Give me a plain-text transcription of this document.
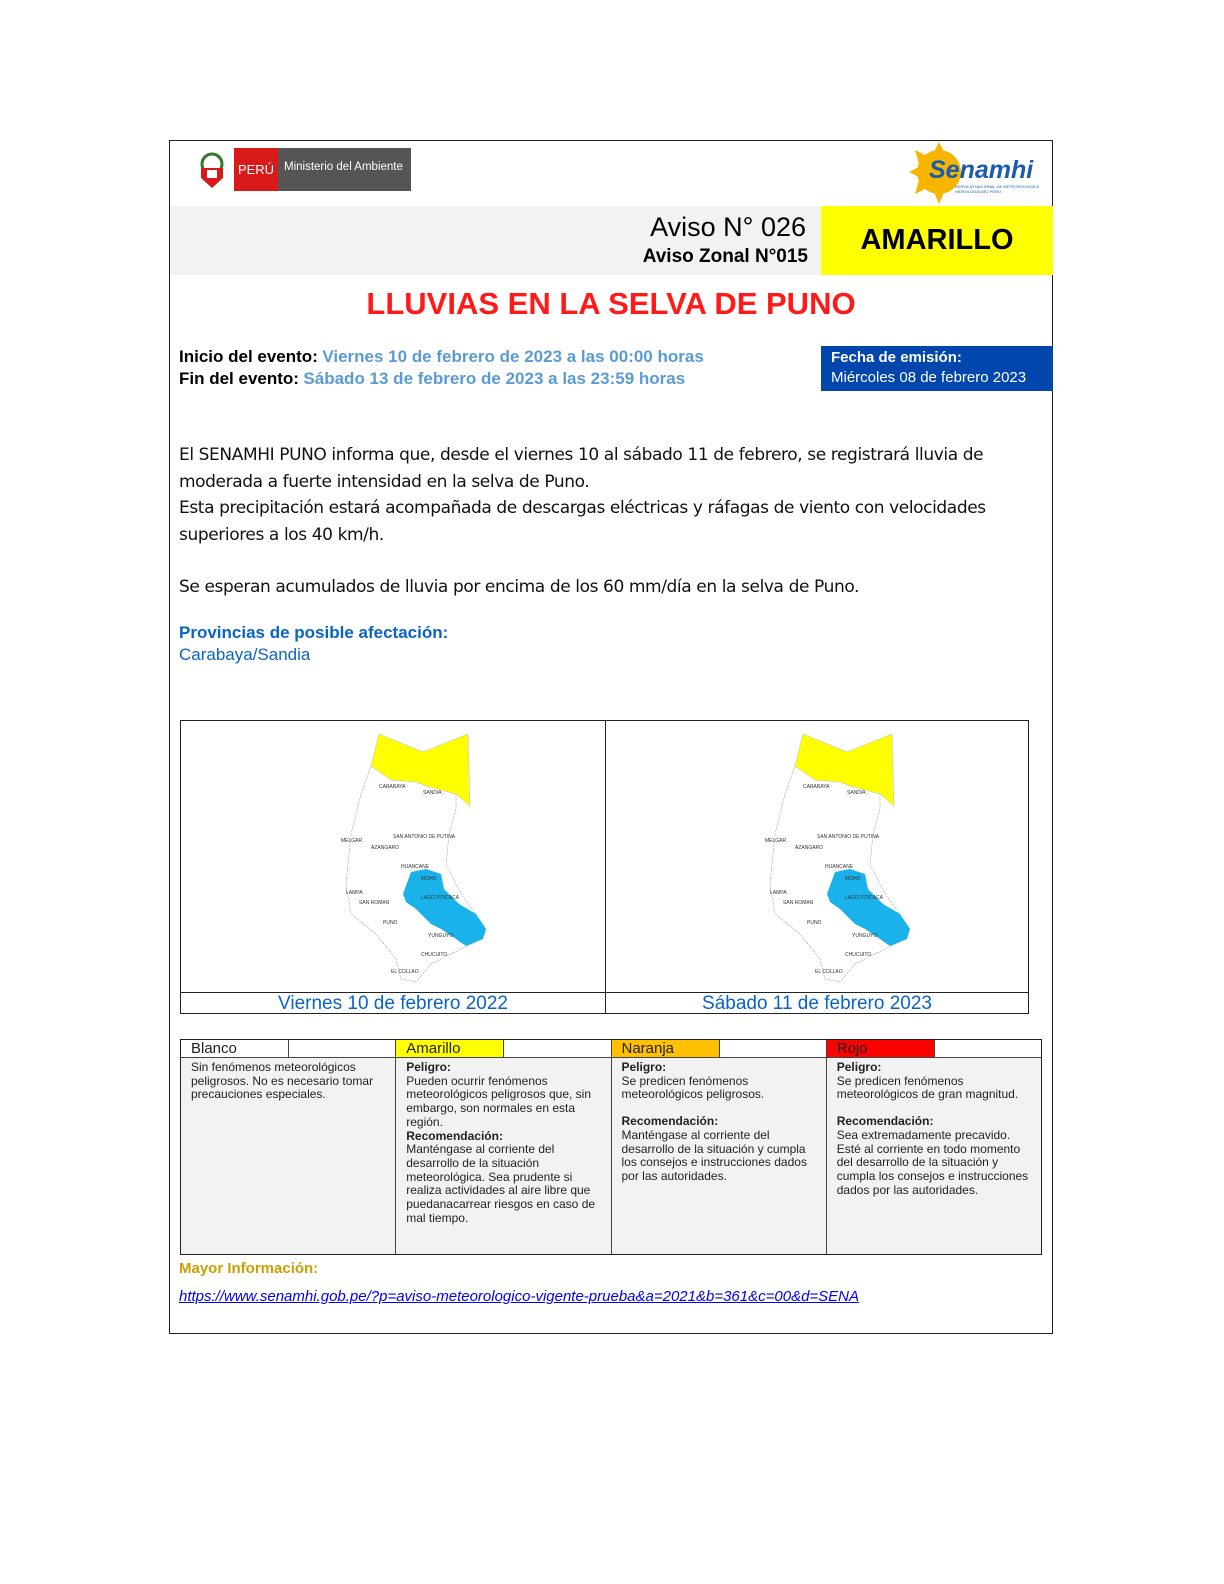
PERÚ Ministerio del Ambiente	Senamhi
SERVICIO NACIONAL DE METEOROLOGÍA E HIDROLOGÍA DEL PERÚ
Aviso N° 026
Aviso Zonal N°015
AMARILLO
LLUVIAS EN LA SELVA DE PUNO
Inicio del evento: Viernes 10 de febrero de 2023 a las 00:00 horas
Fin del evento: Sábado 13 de febrero de 2023 a las 23:59 horas
Fecha de emisión:
Miércoles 08 de febrero 2023
El SENAMHI PUNO informa que, desde el viernes 10 al sábado 11 de febrero, se registrará lluvia de moderada a fuerte intensidad en la selva de Puno.
Esta precipitación estará acompañada de descargas eléctricas y ráfagas de viento con velocidades superiores a los 40 km/h.
Se esperan acumulados de lluvia por encima de los 60 mm/día en la selva de Puno.
Provincias de posible afectación:
Carabaya/Sandia
CARABAYA
SANDIA
MELGAR
AZANGARO
SAN ANTONIO DE PUTINA
HUANCANE
MOHO
LAMPA
SAN ROMAN
LAGO TITICACA
PUNO
YUNGUYO
CHUCUITO
EL COLLAO
CARABAYA
SANDIA
MELGAR
AZANGARO
SAN ANTONIO DE PUTINA
HUANCANE
MOHO
LAMPA
SAN ROMAN
LAGO TITICACA
PUNO
YUNGUYO
CHUCUITO
EL COLLAO
Viernes 10 de febrero 2022	Sábado 11 de febrero 2023
Blanco
Sin fenómenos meteorológicos peligrosos. No es necesario tomar precauciones especiales.
Amarillo
Peligro:
Pueden ocurrir fenómenos meteorológicos peligrosos que, sin embargo, son normales en esta región.
Recomendación:
Manténgase al corriente del desarrollo de la situación meteorológica. Sea prudente si realiza actividades al aire libre que puedanacarrear riesgos en caso de mal tiempo.
Naranja
Peligro:
Se predicen fenómenos meteorológicos peligrosos.
Recomendación:
Manténgase al corriente del desarrollo de la situación y cumpla los consejos e instrucciones dados por las autoridades.
Rojo
Peligro:
Se predicen fenómenos meteorológicos de gran magnitud.
Recomendación:
Sea extremadamente precavido. Esté al corriente en todo momento del desarrollo de la situación y cumpla los consejos e instrucciones dados por las autoridades.
Mayor Información:
https://www.senamhi.gob.pe/?p=aviso-meteorologico-vigente-prueba&a=2021&b=361&c=00&d=SENA
